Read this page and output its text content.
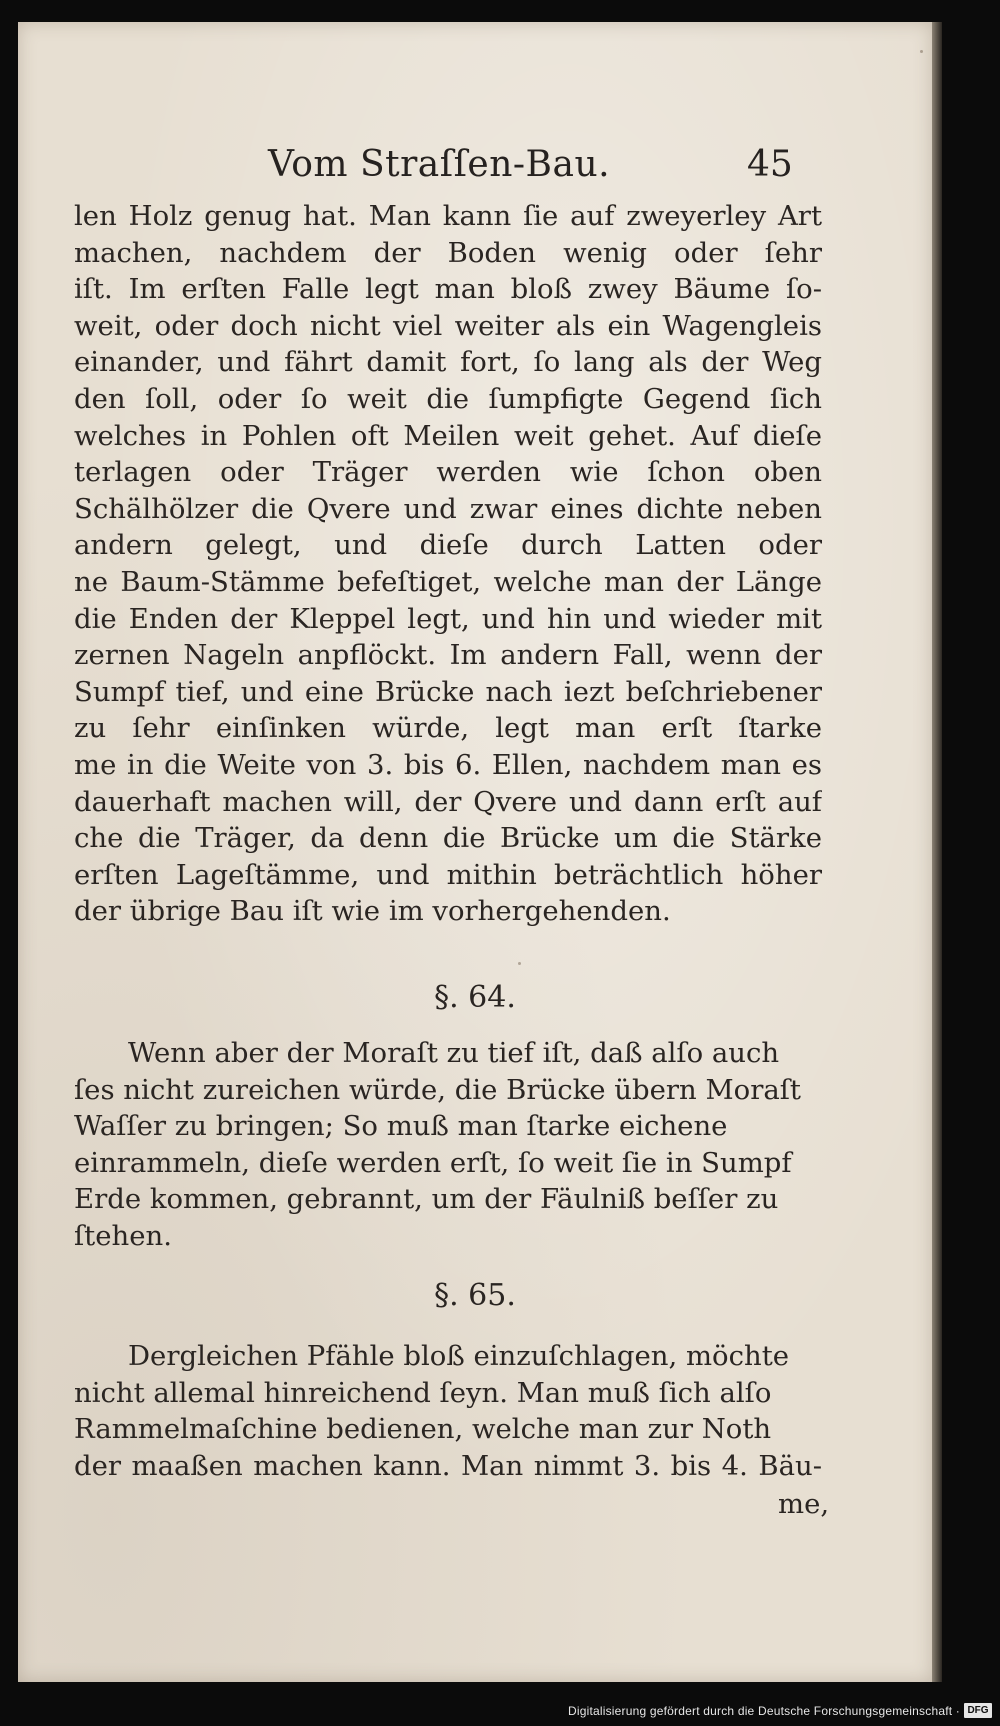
Vom Straſſen-Bau.	45
len Holz genug hat. Man kann ſie auf zweyerley Art
machen, nachdem der Boden wenig oder ſehr
iſt. Im erſten Falle legt man bloß zwey Bäume ſo-
weit, oder doch nicht viel weiter als ein Wagengleis
einander, und fährt damit fort, ſo lang als der Weg
den ſoll, oder ſo weit die ſumpfigte Gegend ſich
welches in Pohlen oft Meilen weit gehet. Auf dieſe
terlagen oder Träger werden wie ſchon oben
Schälhölzer die Qvere und zwar eines dichte neben
andern gelegt, und dieſe durch Latten oder
ne Baum-Stämme befeſtiget, welche man der Länge
die Enden der Kleppel legt, und hin und wieder mit
zernen Nageln anpflöckt. Im andern Fall, wenn der
Sumpf tief, und eine Brücke nach iezt beſchriebener
zu ſehr einſinken würde, legt man erſt ſtarke
me in die Weite von 3. bis 6. Ellen, nachdem man es
dauerhaft machen will, der Qvere und dann erſt auf
che die Träger, da denn die Brücke um die Stärke
erſten Lageſtämme, und mithin beträchtlich höher
der übrige Bau iſt wie im vorhergehenden.
§. 64.
Wenn aber der Moraſt zu tief iſt, daß alſo auch
ſes nicht zureichen würde, die Brücke übern Moraſt
Waſſer zu bringen; So muß man ſtarke eichene
einrammeln, dieſe werden erſt, ſo weit ſie in Sumpf
Erde kommen, gebrannt, um der Fäulniß beſſer zu
ſtehen.
§. 65.
Dergleichen Pfähle bloß einzuſchlagen, möchte
nicht allemal hinreichend ſeyn. Man muß ſich alſo
Rammelmaſchine bedienen, welche man zur Noth
der maaßen machen kann. Man nimmt 3. bis 4. Bäu-
me,
Digitalisierung gefördert durch die Deutsche Forschungsgemeinschaft · DFG
